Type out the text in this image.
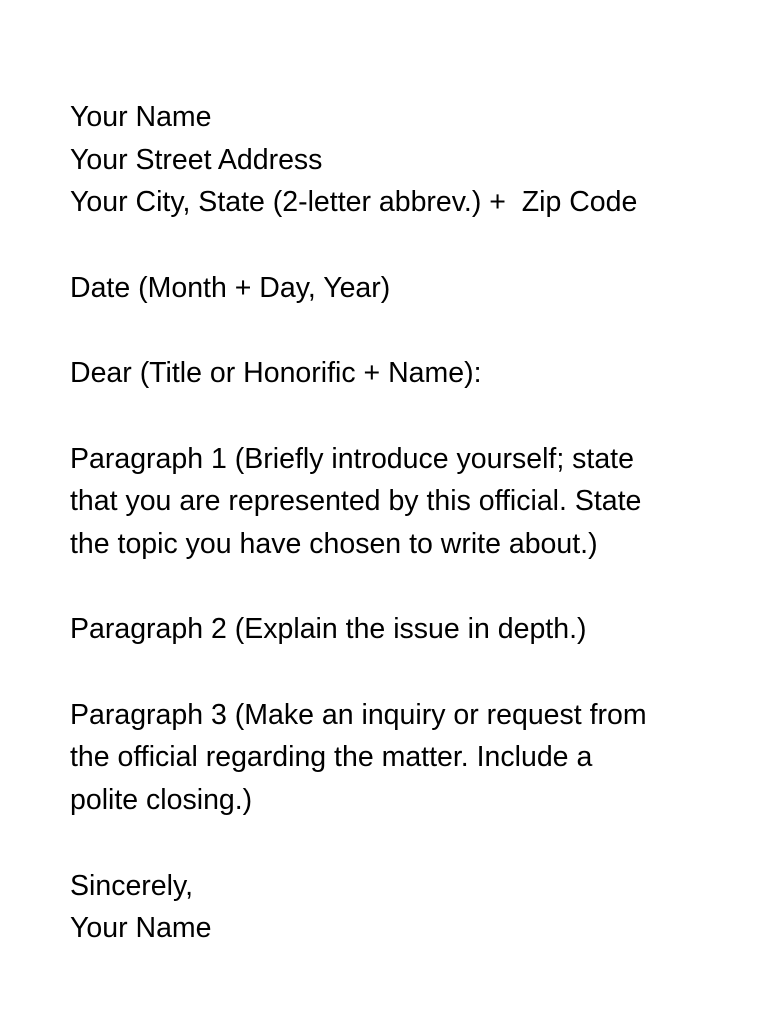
Your Name
Your Street Address
Your City, State (2-letter abbrev.) +  Zip Code
Date (Month + Day, Year)
Dear (Title or Honorific + Name):
Paragraph 1 (Briefly introduce yourself; state
that you are represented by this official. State
the topic you have chosen to write about.)
Paragraph 2 (Explain the issue in depth.)
Paragraph 3 (Make an inquiry or request from
the official regarding the matter. Include a
polite closing.)
Sincerely,
Your Name
